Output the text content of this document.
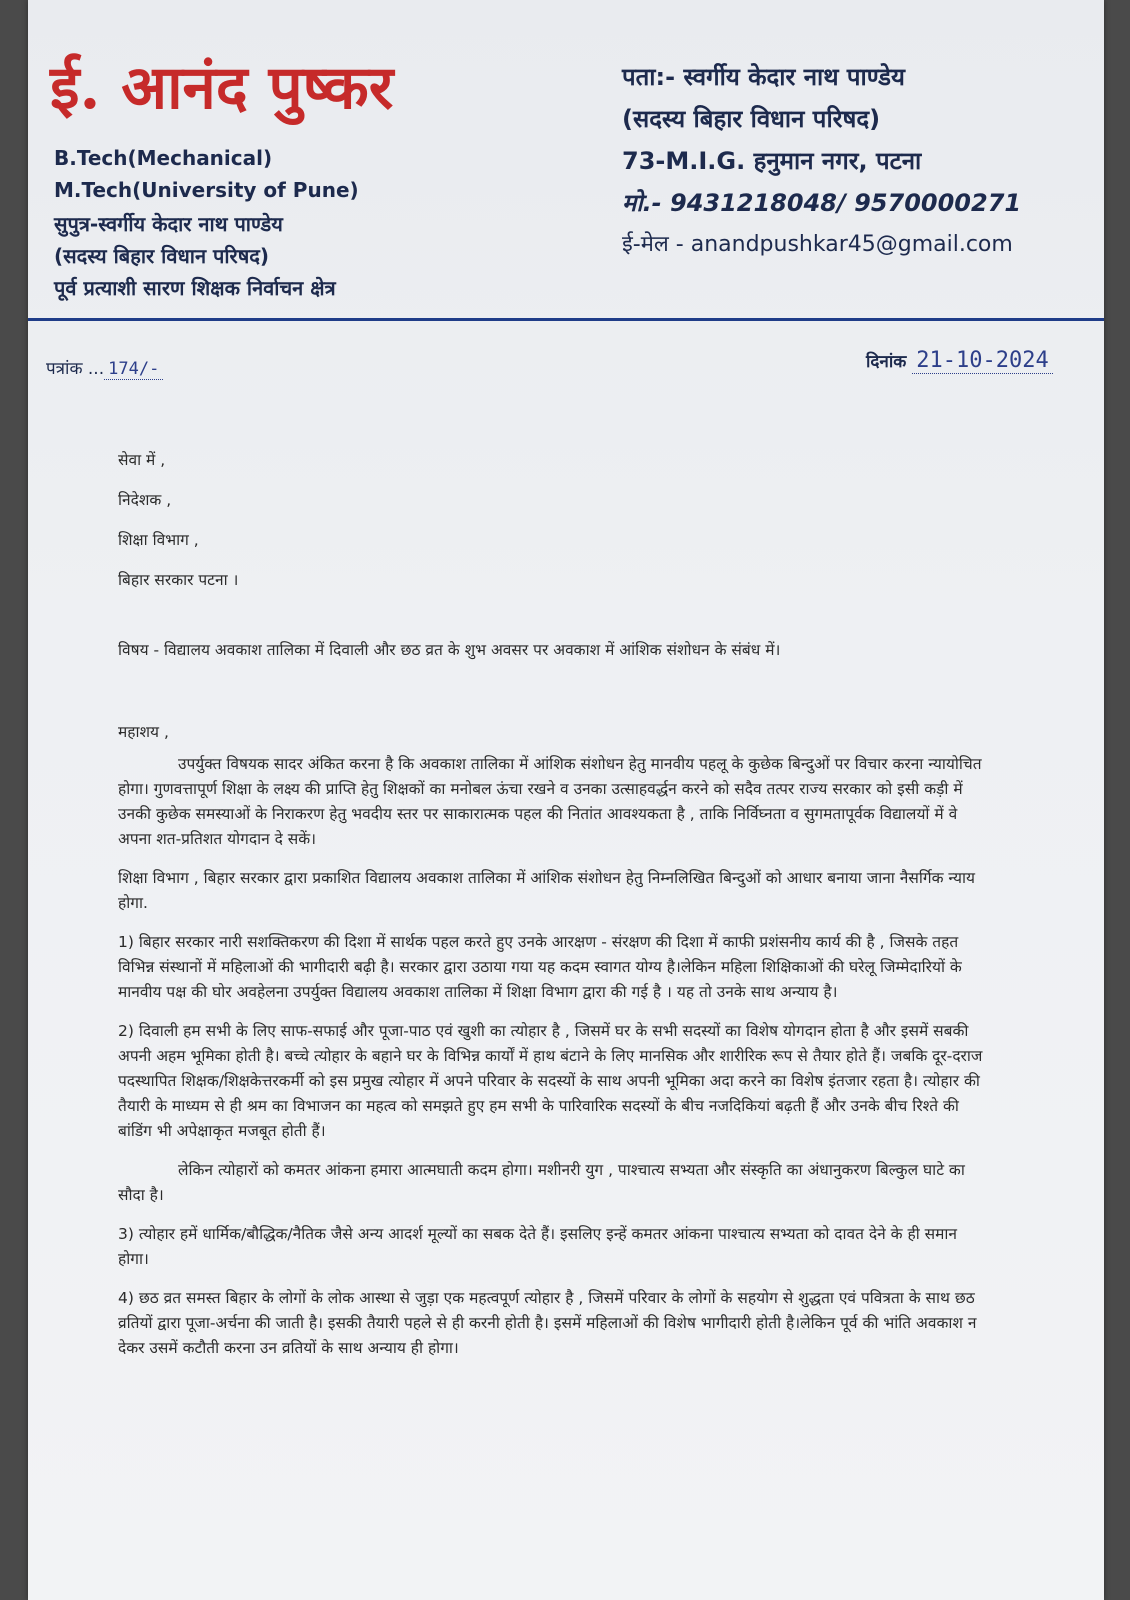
ई. आनंद पुष्कर
B.Tech(Mechanical)
M.Tech(University of Pune)
सुपुत्र-स्वर्गीय केदार नाथ पाण्डेय
(सदस्य बिहार विधान परिषद)
पूर्व प्रत्याशी सारण शिक्षक निर्वाचन क्षेत्र
पता:- स्वर्गीय केदार नाथ पाण्डेय
(सदस्य बिहार विधान परिषद)
73-M.I.G. हनुमान नगर, पटना
मो.- 9431218048/ 9570000271
ई-मेल - anandpushkar45@gmail.com
पत्रांक ... 174/-	दिनांक 21-10-2024
सेवा में ,
निदेशक ,
शिक्षा विभाग ,
बिहार सरकार पटना ।
विषय - विद्यालय अवकाश तालिका में दिवाली और छठ व्रत के शुभ अवसर पर अवकाश में आंशिक संशोधन के संबंध में।
महाशय ,

उपर्युक्त विषयक सादर अंकित करना है कि अवकाश तालिका में आंशिक संशोधन हेतु मानवीय पहलू के कुछेक बिन्दुओं पर विचार करना न्यायोचित होगा। गुणवत्तापूर्ण शिक्षा के लक्ष्य की प्राप्ति हेतु शिक्षकों का मनोबल ऊंचा रखने व उनका उत्साहवर्द्धन करने को सदैव तत्पर राज्य सरकार को इसी कड़ी में उनकी कुछेक समस्याओं के निराकरण हेतु भवदीय स्तर पर साकारात्मक पहल की नितांत आवश्यकता है , ताकि निर्विघ्नता व सुगमतापूर्वक विद्यालयों में वे अपना शत-प्रतिशत योगदान दे सकें।

शिक्षा विभाग , बिहार सरकार द्वारा प्रकाशित विद्यालय अवकाश तालिका में आंशिक संशोधन हेतु निम्नलिखित बिन्दुओं को आधार बनाया जाना नैसर्गिक न्याय होगा.

1) बिहार सरकार नारी सशक्तिकरण की दिशा में सार्थक पहल करते हुए उनके आरक्षण - संरक्षण की दिशा में काफी प्रशंसनीय कार्य की है , जिसके तहत विभिन्न संस्थानों में महिलाओं की भागीदारी बढ़ी है। सरकार द्वारा उठाया गया यह कदम स्वागत योग्य है।लेकिन महिला शिक्षिकाओं की घरेलू जिम्मेदारियों के मानवीय पक्ष की घोर अवहेलना उपर्युक्त विद्यालय अवकाश तालिका में शिक्षा विभाग द्वारा की गई है । यह तो उनके साथ अन्याय है।

2) दिवाली हम सभी के लिए साफ-सफाई और पूजा-पाठ एवं खुशी का त्योहार है , जिसमें घर के सभी सदस्यों का विशेष योगदान होता है और इसमें सबकी अपनी अहम भूमिका होती है। बच्चे त्योहार के बहाने घर के विभिन्न कार्यों में हाथ बंटाने के लिए मानसिक और शारीरिक रूप से तैयार होते हैं। जबकि दूर-दराज पदस्थापित शिक्षक/शिक्षकेत्तरकर्मी को इस प्रमुख त्योहार में अपने परिवार के सदस्यों के साथ अपनी भूमिका अदा करने का विशेष इंतजार रहता है। त्योहार की तैयारी के माध्यम से ही श्रम का विभाजन का महत्व को समझते हुए हम सभी के पारिवारिक सदस्यों के बीच नजदिकियां बढ़ती हैं और उनके बीच रिश्ते की बांडिंग भी अपेक्षाकृत मजबूत होती हैं।

लेकिन त्योहारों को कमतर आंकना हमारा आत्मघाती कदम होगा। मशीनरी युग , पाश्चात्य सभ्यता और संस्कृति का अंधानुकरण बिल्कुल घाटे का सौदा है।

3) त्योहार हमें धार्मिक/बौद्धिक/नैतिक जैसे अन्य आदर्श मूल्यों का सबक देते हैं। इसलिए इन्हें कमतर आंकना पाश्चात्य सभ्यता को दावत देने के ही समान होगा।

4) छठ व्रत समस्त बिहार के लोगों के लोक आस्था से जुड़ा एक महत्वपूर्ण त्योहार है , जिसमें परिवार के लोगों के सहयोग से शुद्धता एवं पवित्रता के साथ छठ व्रतियों द्वारा पूजा-अर्चना की जाती है। इसकी तैयारी पहले से ही करनी होती है। इसमें महिलाओं की विशेष भागीदारी होती है।लेकिन पूर्व की भांति अवकाश न देकर उसमें कटौती करना उन व्रतियों के साथ अन्याय ही होगा।
